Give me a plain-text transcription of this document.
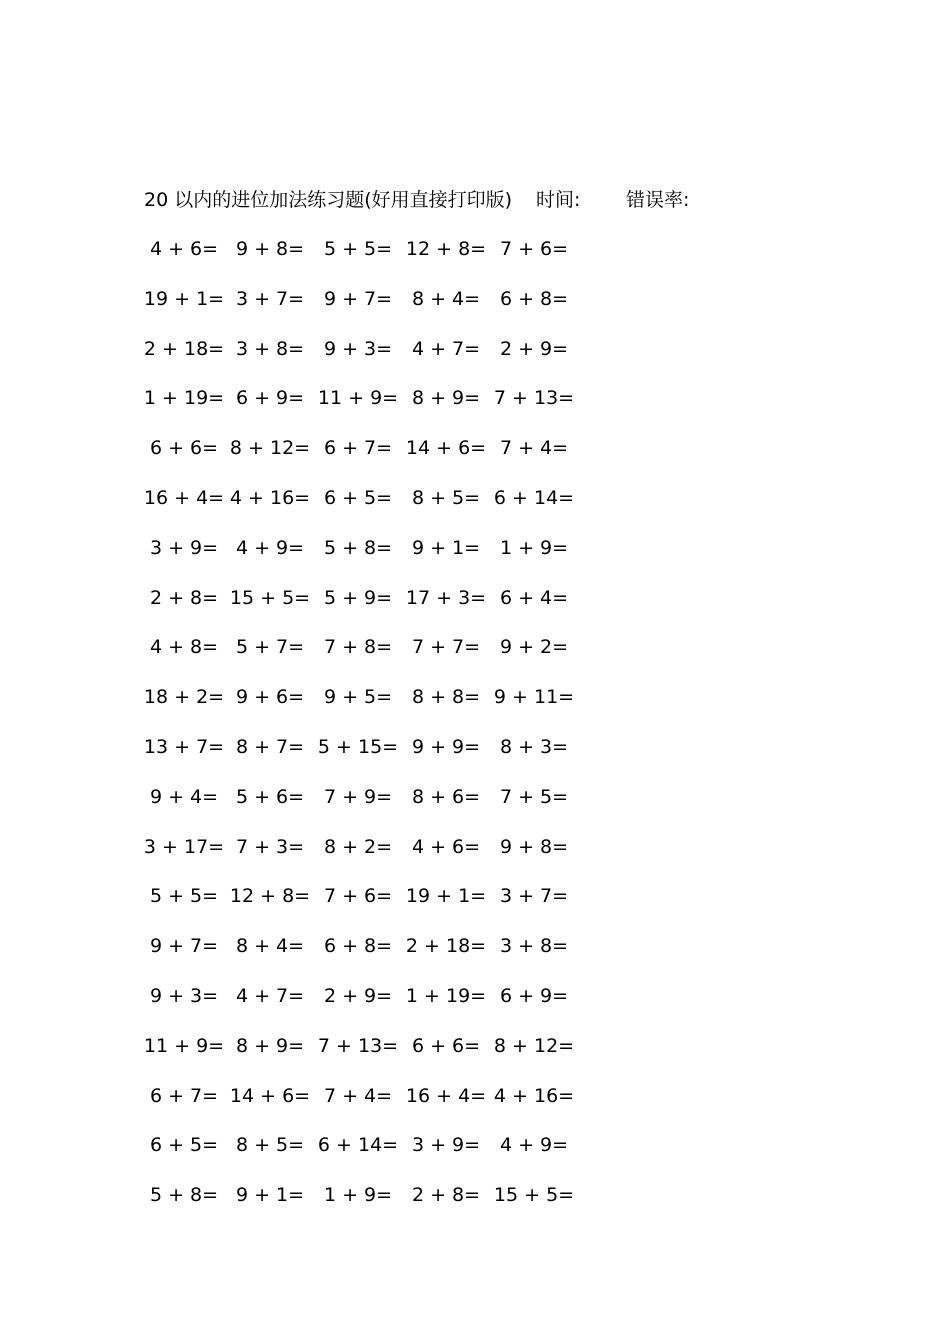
20 以内的进位加法练习题(好用直接打印版) 时间: 错误率:
4 + 6= 9 + 8=	5 + 5= 12 + 8= 7 + 6=
19 + 1= 3 + 7=	9 + 7=	8 + 4=	6 + 8=
2 + 18= 3 + 8=	9 + 3=	4 + 7=	2 + 9=
1 + 19= 6 + 9= 11 + 9= 8 + 9= 7 + 13=
6 + 6= 8 + 12= 6 + 7= 14 + 6= 7 + 4=
16 + 4= 4 + 16= 6 + 5=	8 + 5= 6 + 14=
3 + 9= 4 + 9=	5 + 8=	9 + 1=	1 + 9=
2 + 8= 15 + 5= 5 + 9= 17 + 3= 6 + 4=
4 + 8= 5 + 7=	7 + 8=	7 + 7=	9 + 2=
18 + 2= 9 + 6=	9 + 5=	8 + 8= 9 + 11=
13 + 7= 8 + 7= 5 + 15= 9 + 9=	8 + 3=
9 + 4= 5 + 6=	7 + 9=	8 + 6=	7 + 5=
3 + 17= 7 + 3=	8 + 2=	4 + 6=	9 + 8=
5 + 5= 12 + 8= 7 + 6= 19 + 1= 3 + 7=
9 + 7= 8 + 4=	6 + 8= 2 + 18= 3 + 8=
9 + 3= 4 + 7=	2 + 9= 1 + 19= 6 + 9=
11 + 9= 8 + 9= 7 + 13= 6 + 6= 8 + 12=
6 + 7= 14 + 6= 7 + 4= 16 + 4= 4 + 16=
6 + 5= 8 + 5= 6 + 14= 3 + 9=	4 + 9=
5 + 8= 9 + 1=	1 + 9=	2 + 8= 15 + 5=
